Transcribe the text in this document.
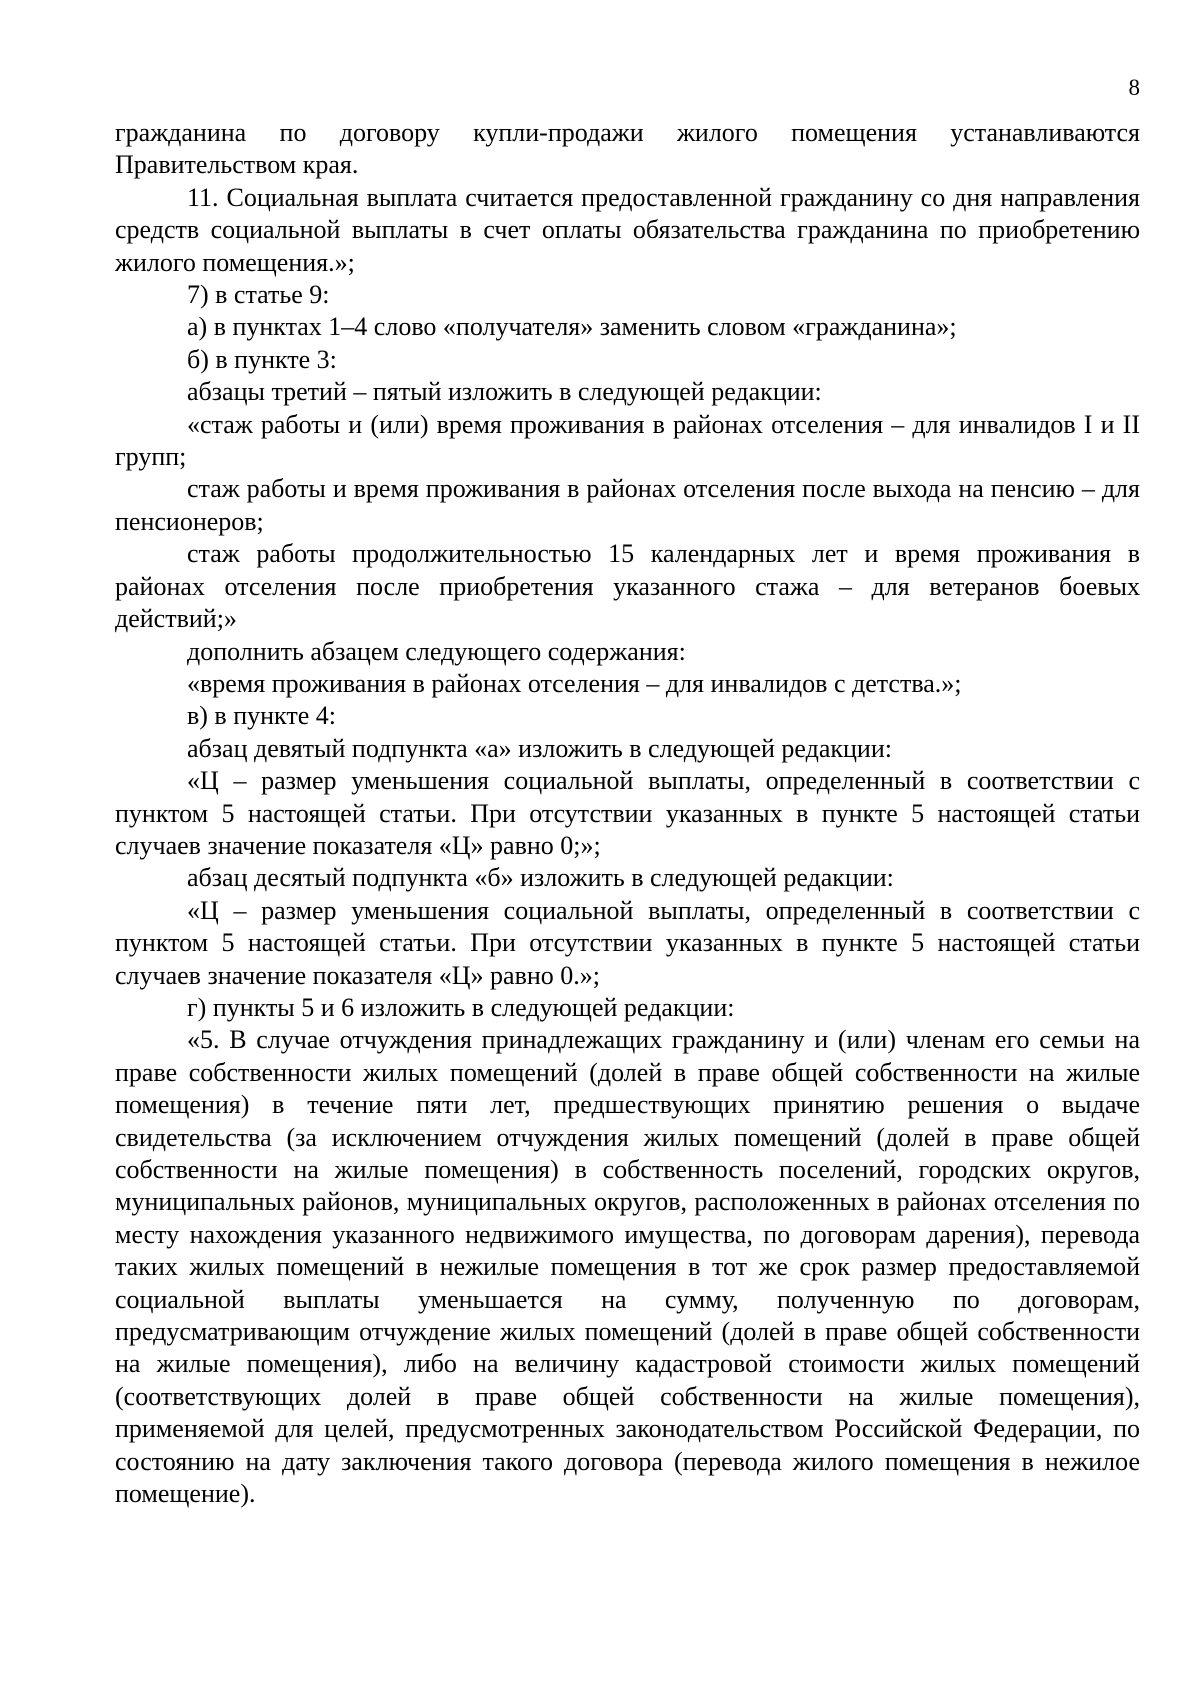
8

гражданина по договору купли-продажи жилого помещения устанавливаются Правительством края.

11. Социальная выплата считается предоставленной гражданину со дня направления средств социальной выплаты в счет оплаты обязательства гражданина по приобретению жилого помещения.»;

7) в статье 9:

а) в пунктах 1–4 слово «получателя» заменить словом «гражданина»;

б) в пункте 3:

абзацы третий – пятый изложить в следующей редакции:

«стаж работы и (или) время проживания в районах отселения – для инвалидов I и II групп;

стаж работы и время проживания в районах отселения после выхода на пенсию – для пенсионеров;

стаж работы продолжительностью 15 календарных лет и время проживания в районах отселения после приобретения указанного стажа – для ветеранов боевых действий;»

дополнить абзацем следующего содержания:

«время проживания в районах отселения – для инвалидов с детства.»;

в) в пункте 4:

абзац девятый подпункта «а» изложить в следующей редакции:

«Ц – размер уменьшения социальной выплаты, определенный в соответствии с пунктом 5 настоящей статьи. При отсутствии указанных в пункте 5 настоящей статьи случаев значение показателя «Ц» равно 0;»;

абзац десятый подпункта «б» изложить в следующей редакции:

«Ц – размер уменьшения социальной выплаты, определенный в соответствии с пунктом 5 настоящей статьи. При отсутствии указанных в пункте 5 настоящей статьи случаев значение показателя «Ц» равно 0.»;

г) пункты 5 и 6 изложить в следующей редакции:

«5. В случае отчуждения принадлежащих гражданину и (или) членам его семьи на праве собственности жилых помещений (долей в праве общей собственности на жилые помещения) в течение пяти лет, предшествующих принятию решения о выдаче свидетельства (за исключением отчуждения жилых помещений (долей в праве общей собственности на жилые помещения) в собственность поселений, городских округов, муниципальных районов, муниципальных округов, расположенных в районах отселения по месту нахождения указанного недвижимого имущества, по договорам дарения), перевода таких жилых помещений в нежилые помещения в тот же срок размер предоставляемой социальной выплаты уменьшается на сумму, полученную по договорам, предусматривающим отчуждение жилых помещений (долей в праве общей собственности на жилые помещения), либо на величину кадастровой стоимости жилых помещений (соответствующих долей в праве общей собственности на жилые помещения), применяемой для целей, предусмотренных законодательством Российской Федерации, по состоянию на дату заключения такого договора (перевода жилого помещения в нежилое помещение).
